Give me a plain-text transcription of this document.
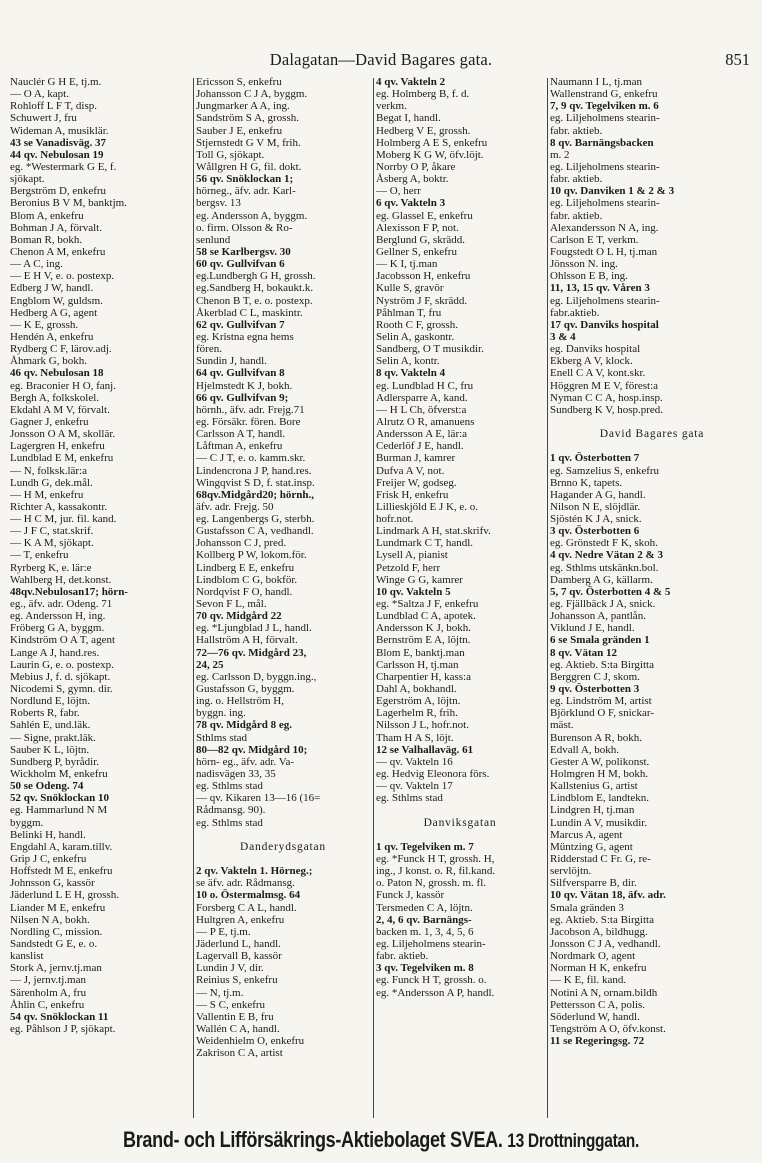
Dalagatan—David Bagares gata.	851
Nauclér G H E, tj.m.
— O A, kapt.
Rohloff L F T, disp.
Schuwert J, fru
Wideman A, musiklär.
43 se Vanadisväg. 37
44 qv. Nebulosan 19
eg. *Westermark G E, f.
sjökapt.
Bergström D, enkefru
Beronius B V M, banktjm.
Blom A, enkefru
Bohman J A, förvalt.
Boman R, bokh.
Chenon A M, enkefru
— A C, ing.
— E H V, e. o. postexp.
Edberg J W, handl.
Engblom W, guldsm.
Hedberg A G, agent
— K E, grossh.
Hendén A, enkefru
Rydberg C F, lärov.adj.
Åhmark G, bokh.
46 qv. Nebulosan 18
eg. Braconier H O, fanj.
Bergh A, folkskolel.
Ekdahl A M V, förvalt.
Gagner J, enkefru
Jonsson O A M, skollär.
Lagergren H, enkefru
Lundblad E M, enkefru
— N, folksk.lär:a
Lundh G, dek.mål.
— H M, enkefru
Richter A, kassakontr.
— H C M, jur. fil. kand.
— J F C, stat.skrif.
— K A M, sjökapt.
— T, enkefru
Ryrberg K, e. lär:e
Wahlberg H, det.konst.
48qv.Nebulosan17; hörn-
eg., äfv. adr. Odeng. 71
eg. Andersson H, ing.
Fröberg G A, byggm.
Kindström O A T, agent
Lange A J, hand.res.
Laurin G, e. o. postexp.
Mebius J, f. d. sjökapt.
Nicodemi S, gymn. dir.
Nordlund E, löjtn.
Roberts R, fabr.
Sahlén E, und.läk.
— Signe, prakt.läk.
Sauber K L, löjtn.
Sundberg P, byrådir.
Wickholm M, enkefru
50 se Odeng. 74
52 qv. Snöklockan 10
eg. Hammarlund N M
byggm.
Belinki H, handl.
Engdahl A, karam.tillv.
Grip J C, enkefru
Hoffstedt M E, enkefru
Johnsson G, kassör
Jäderlund L E H, grossh.
Liander M E, enkefru
Nilsen N A, bokh.
Nordling C, mission.
Sandstedt G E, e. o.
kanslist
Stork A, jernv.tj.man
— J, jernv.tj.man
Särenholm A, fru
Åhlin C, enkefru
54 qv. Snöklockan 11
eg. Påhlson J P, sjökapt.
Ericsson S, enkefru
Johansson C J A, byggm.
Jungmarker A A, ing.
Sandström S A, grossh.
Sauber J E, enkefru
Stjernstedt G V M, frih.
Toll G, sjökapt.
Wållgren H G, fil. dokt.
56 qv. Snöklockan 1;
hörneg., äfv. adr. Karl-
bergsv. 13
eg. Andersson A, byggm.
o. firm. Olsson & Ro-
senlund
58 se Karlbergsv. 30
60 qv. Gullvifvan 6
eg.Lundbergh G H, grossh.
eg.Sandberg H, bokaukt.k.
Chenon B T, e. o. postexp.
Åkerblad C L, maskintr.
62 qv. Gullvifvan 7
eg. Kristna egna hems
fören.
Sundin J, handl.
64 qv. Gullvifvan 8
Hjelmstedt K J, bokh.
66 qv. Gullvifvan 9;
hörnh., äfv. adr. Frejg.71
eg. Försäkr. fören. Bore
Carlsson A T, handl.
Låftman A, enkefru
— C J T, e. o. kamm.skr.
Lindencrona J P, hand.res.
Wingqvist S D, f. stat.insp.
68qv.Midgård20; hörnh.,
äfv. adr. Frejg. 50
eg. Langenbergs G, sterbh.
Gustafsson C A, vedhandl.
Johansson C J, pred.
Kollberg P W, lokom.för.
Lindberg E E, enkefru
Lindblom C G, bokför.
Nordqvist F O, handl.
Sevon F L, mål.
70 qv. Midgård 22
eg. *Ljungblad J L, handl.
Hallström A H, förvalt.
72—76 qv. Midgård 23,
24, 25
eg. Carlsson D, byggn.ing.,
Gustafsson G, byggm.
ing. o. Hellström H,
byggn. ing.
78 qv. Midgård 8 eg.
Sthlms stad
80—82 qv. Midgård 10;
hörn- eg., äfv. adr. Va-
nadisvägen 33, 35
eg. Sthlms stad
— qv. Kikaren 13—16 (16=
Rådmansg. 90).
eg. Sthlms stad

Danderydsgatan

2 qv. Vakteln 1. Hörneg.;
se äfv. adr. Rådmansg.
10 o. Östermalmsg. 64
Forsberg C A L, handl.
Hultgren A, enkefru
— P E, tj.m.
Jäderlund L, handl.
Lagervall B, kassör
Lundin J V, dir.
Reinius S, enkefru
— N, tj.m.
— S C, enkefru
Vallentin E B, fru
Wallén C A, handl.
Weidenhielm O, enkefru
Zakrison C A, artist
4 qv. Vakteln 2
eg. Holmberg B, f. d.
verkm.
Begat I, handl.
Hedberg V E, grossh.
Holmberg A E S, enkefru
Moberg K G W, öfv.löjt.
Norrby O P, åkare
Åsberg A, boktr.
— O, herr
6 qv. Vakteln 3
eg. Glassel E, enkefru
Alexisson F P, not.
Berglund G, skrädd.
Gellner S, enkefru
— K I, tj.man
Jacobsson H, enkefru
Kulle S, gravör
Nyström J F, skrädd.
Påhlman T, fru
Rooth C F, grossh.
Selin A, gaskontr.
Sandberg, O T musikdir.
Selin A, kontr.
8 qv. Vakteln 4
eg. Lundblad H C, fru
Adlersparre A, kand.
— H L Ch, öfverst:a
Alrutz O R, amanuens
Andersson A E, lär:a
Cederlöf J E, handl.
Burman J, kamrer
Dufva A V, not.
Freijer W, godseg.
Frisk H, enkefru
Lillieskjöld E J K, e. o.
hofr.not.
Lindmark A H, stat.skrifv.
Lundmark C T, handl.
Lysell A, pianist
Petzold F, herr
Winge G G, kamrer
10 qv. Vakteln 5
eg. *Saltza J F, enkefru
Lundblad C A, apotek.
Andersson K J, bokh.
Bernström E A, löjtn.
Blom E, banktj.man
Carlsson H, tj.man
Charpentier H, kass:a
Dahl A, bokhandl.
Egerström A, löjtn.
Lagerhelm R, frih.
Nilsson J L, hofr.not.
Tham H A S, löjt.
12 se Valhallaväg. 61
— qv. Vakteln 16
eg. Hedvig Eleonora förs.
— qv. Vakteln 17
eg. Sthlms stad

Danviksgatan

1 qv. Tegelviken m. 7
eg. *Funck H T, grossh. H,
ing., J konst. o. R, fil.kand.
o. Paton N, grossh. m. fl.
Funck J, kassör
Tersmeden C A, löjtn.
2, 4, 6 qv. Barnängs-
backen m. 1, 3, 4, 5, 6
eg. Liljeholmens stearin-
fabr. aktieb.
3 qv. Tegelviken m. 8
eg. Funck H T, grossh. o.
eg. *Andersson A P, handl.
Naumann I L, tj.man
Wallenstrand G, enkefru
7, 9 qv. Tegelviken m. 6
eg. Liljeholmens stearin-
fabr. aktieb.
8 qv. Barnängsbacken
m. 2
eg. Liljeholmens stearin-
fabr. aktieb.
10 qv. Danviken 1 & 2 & 3
eg. Liljeholmens stearin-
fabr. aktieb.
Alexandersson N A, ing.
Carlson E T, verkm.
Fougstedt O L H, tj.man
Jönsson N. ing.
Ohlsson E B, ing.
11, 13, 15 qv. Våren 3
eg. Liljeholmens stearin-
fabr.aktieb.
17 qv. Danviks hospital
3 & 4
eg. Danviks hospital
Ekberg A V, klock.
Enell C A V, kont.skr.
Höggren M E V, förest:a
Nyman C C A, hosp.insp.
Sundberg K V, hosp.pred.

David Bagares gata

1 qv. Österbotten 7
eg. Samzelius S, enkefru
Brnno K, tapets.
Hagander A G, handl.
Nilson N E, slöjdlär.
Sjöstén K J A, snick.
3 qv. Österbotten 6
eg. Grönstedt F K, skoh.
4 qv. Nedre Vätan 2 & 3
eg. Sthlms utskänkn.bol.
Damberg A G, källarm.
5, 7 qv. Österbotten 4 & 5
eg. Fjällbäck J A, snick.
Johansson A, pantlån.
Viklund J E, handl.
6 se Smala gränden 1
8 qv. Vätan 12
eg. Aktieb. S:ta Birgitta
Berggren C J, skom.
9 qv. Österbotten 3
eg. Lindström M, artist
Björklund O F, snickar-
mäst.
Burenson A R, bokh.
Edvall A, bokh.
Gester A W, polikonst.
Holmgren H M, bokh.
Kallstenius G, artist
Lindblom E, landtekn.
Lindgren H, tj.man
Lundin A V, musikdir.
Marcus A, agent
Müntzing G, agent
Ridderstad C Fr. G, re-
servlöjtn.
Silfversparre B, dir.
10 qv. Vätan 18, äfv. adr.
Smala gränden 3
eg. Aktieb. S:ta Birgitta
Jacobson A, bildhugg.
Jonsson C J A, vedhandl.
Nordmark O, agent
Norman H K, enkefru
— K E, fil. kand.
Notini A N, ornam.bildh
Pettersson C A, polis.
Söderlund W, handl.
Tengström A O, öfv.konst.
11 se Regeringsg. 72
Brand- och Lifförsäkrings-Aktiebolaget SVEA. 13 Drottninggatan.
